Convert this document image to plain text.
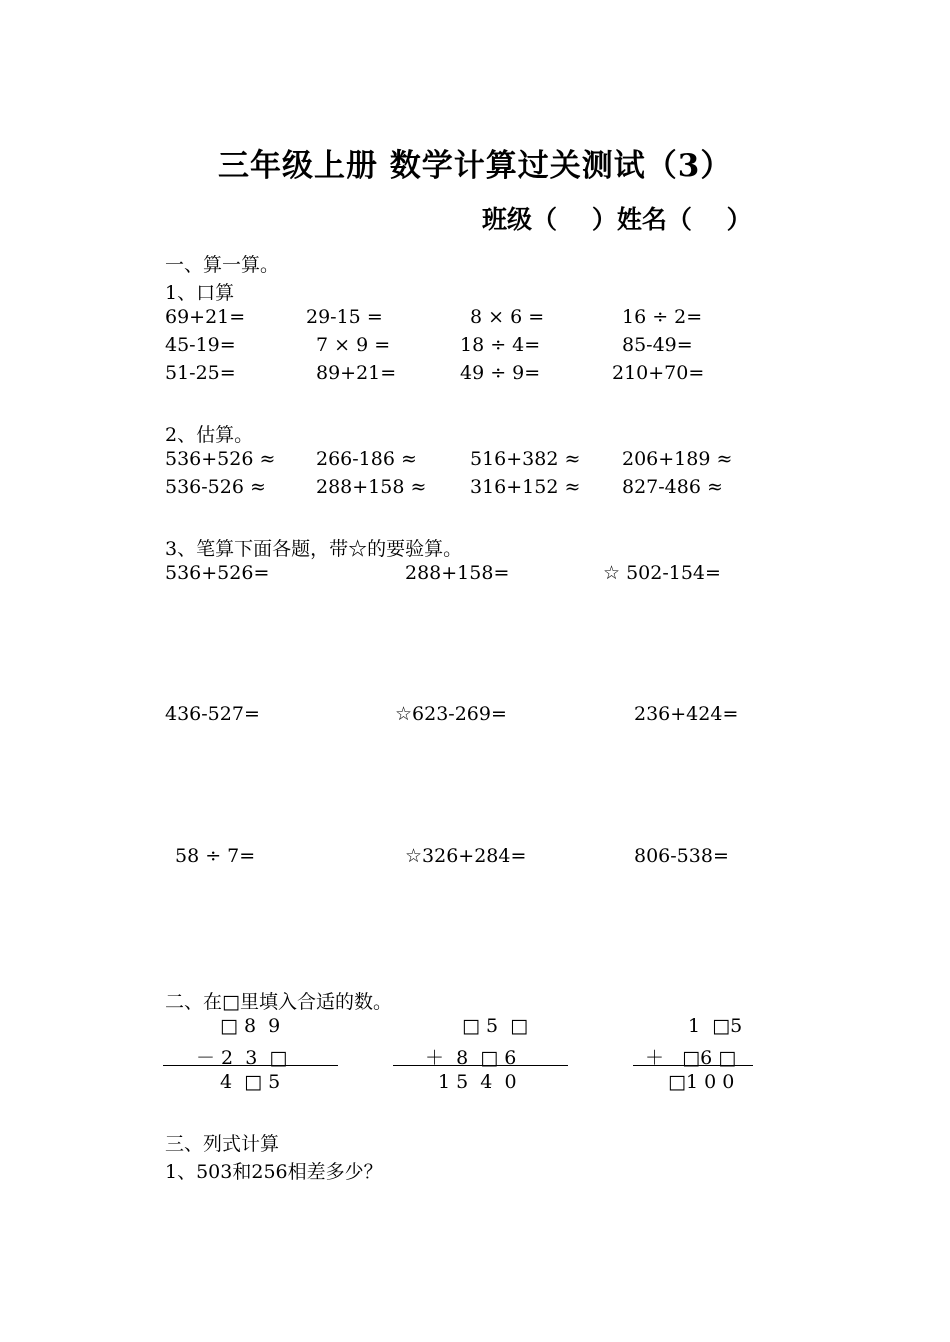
三年级上册 数学计算过关测试（3）
班级（    ）姓名（    ）
一、算一算。
1、口算
69+21=	29-15 =	8 × 6 =	16 ÷ 2=
45-19=	7 × 9 =	18 ÷ 4=	85-49=
51-25=	89+21=	49 ÷ 9=	210+70=
2、估算。
536+526 ≈ 266-186 ≈	516+382 ≈ 206+189 ≈
536-526 ≈	288+158 ≈ 316+152 ≈ 827-486 ≈
3、笔算下面各题，带☆的要验算。
536+526=	288+158=	☆ 502-154=
436-527=	☆623-269=	236+424=
58 ÷ 7=	☆326+284=	806-538=
二、在□里填入合适的数。
□ 8  9
－ 2  3  □
4  □ 5
□ 5  □
＋  8  □ 6
1 5  4  0
1  □5
＋   □6 □
□1 0 0
三、列式计算
1、503和256相差多少？
